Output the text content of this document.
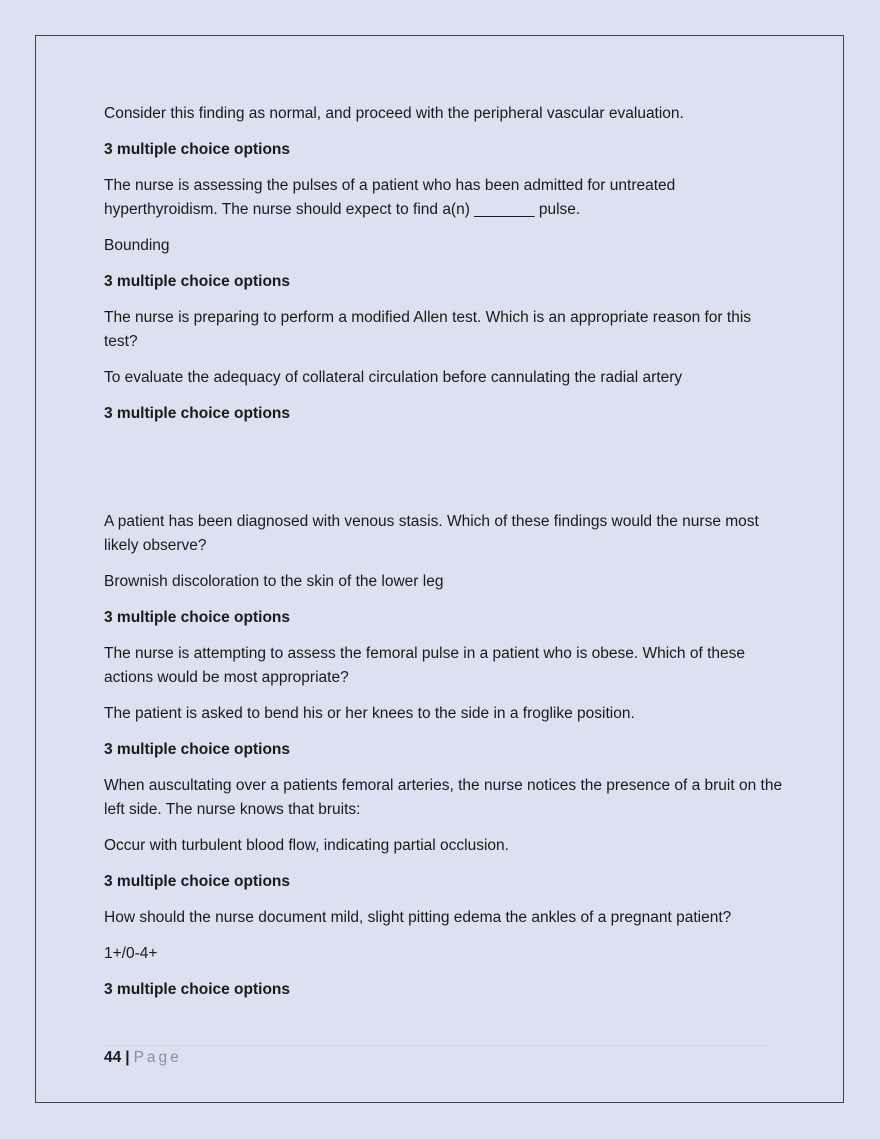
Consider this finding as normal, and proceed with the peripheral vascular evaluation.

3 multiple choice options

The nurse is assessing the pulses of a patient who has been admitted for untreated hyperthyroidism. The nurse should expect to find a(n) _______ pulse.

Bounding

3 multiple choice options

The nurse is preparing to perform a modified Allen test. Which is an appropriate reason for this test?

To evaluate the adequacy of collateral circulation before cannulating the radial artery

3 multiple choice options

A patient has been diagnosed with venous stasis. Which of these findings would the nurse most likely observe?

Brownish discoloration to the skin of the lower leg

3 multiple choice options

The nurse is attempting to assess the femoral pulse in a patient who is obese. Which of these actions would be most appropriate?

The patient is asked to bend his or her knees to the side in a froglike position.

3 multiple choice options

When auscultating over a patients femoral arteries, the nurse notices the presence of a bruit on the left side. The nurse knows that bruits:

Occur with turbulent blood flow, indicating partial occlusion.

3 multiple choice options

How should the nurse document mild, slight pitting edema the ankles of a pregnant patient?

1+/0-4+

3 multiple choice options

44 | Page
